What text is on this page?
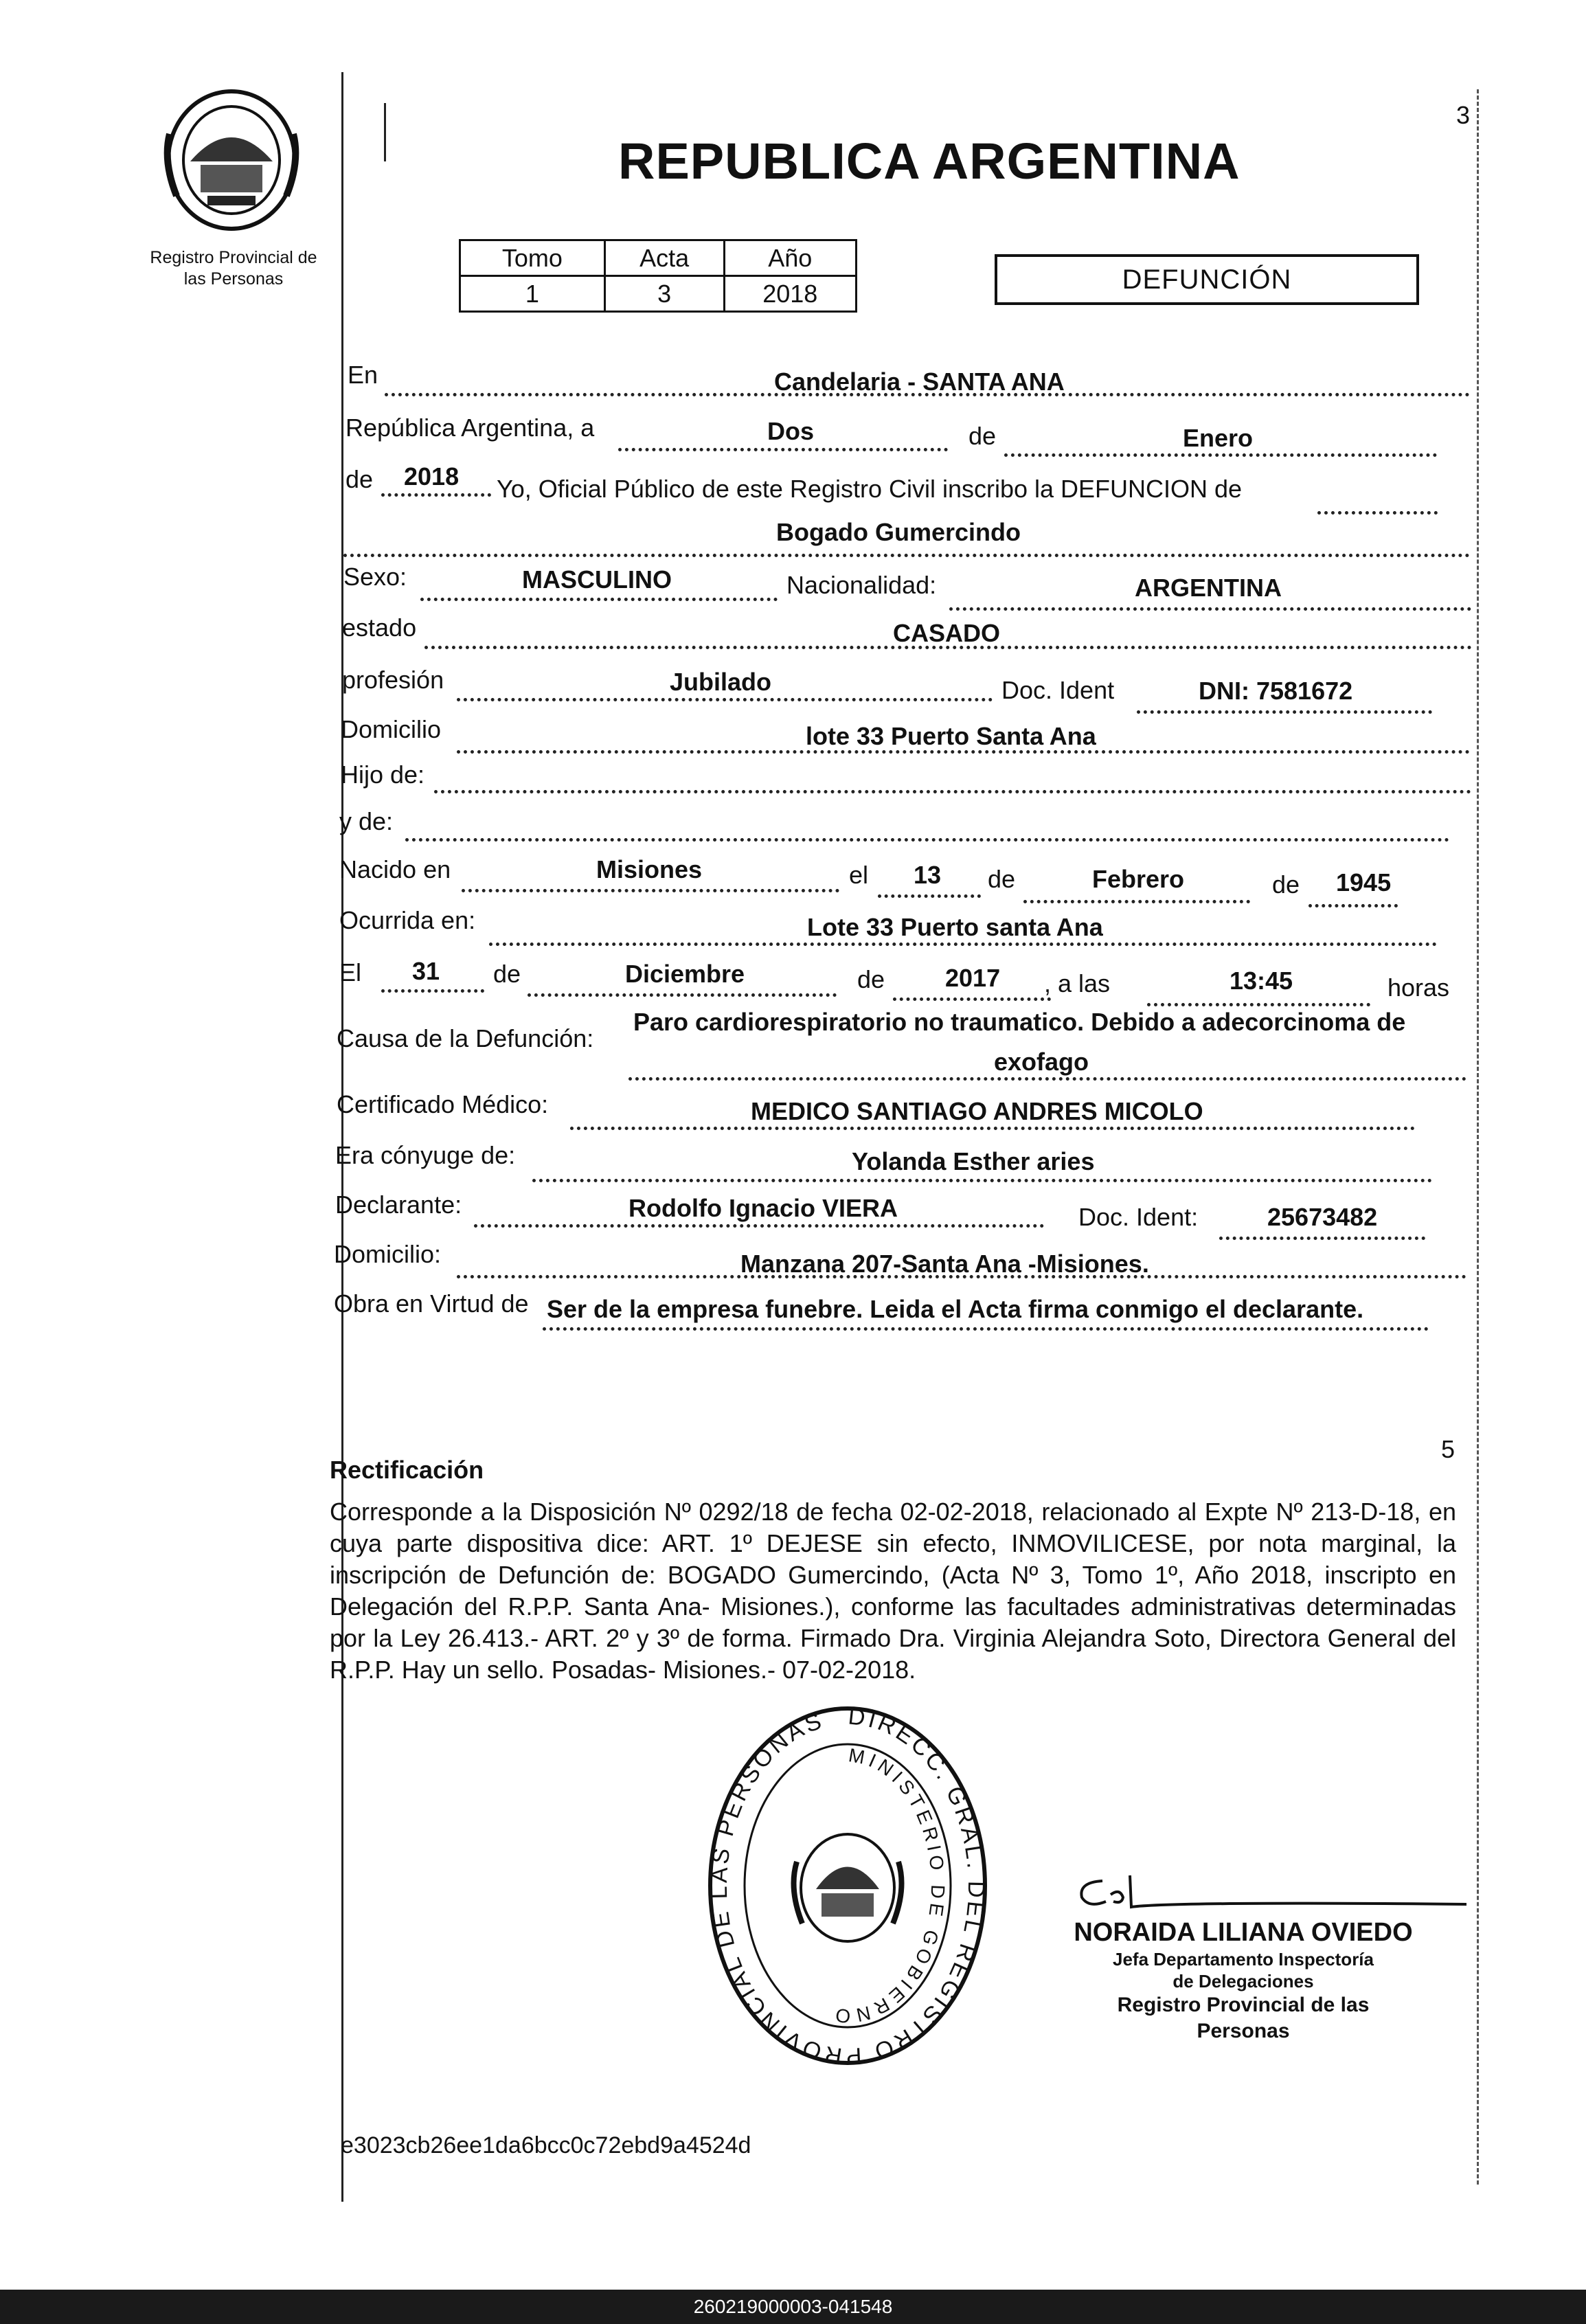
Registro Provincial de
las Personas
REPUBLICA ARGENTINA
3
Tomo	Acta	Año
1	3	2018	DEFUNCIÓN
En	Candelaria - SANTA ANA
República Argentina, a	Dos	de	Enero
de 2018 Yo, Oficial Público de este Registro Civil inscribo la DEFUNCION de
Bogado Gumercindo
Sexo:	MASCULINO	Nacionalidad:	ARGENTINA
estado	CASADO
profesión	Jubilado	Doc. Ident	DNI: 7581672
Domicilio	lote 33 Puerto Santa Ana
Hijo de:
y de:
Nacido en	Misiones	el 13 de	Febrero	de 1945
Ocurrida en:	Lote 33 Puerto santa Ana
El 31 de	Diciembre	de 2017 , a las	13:45	horas
Causa de la Defunción:
Paro cardiorespiratorio no traumatico. Debido a adecorcinoma de
exofago
Certificado Médico:	MEDICO SANTIAGO ANDRES MICOLO
Era cónyuge de:	Yolanda Esther aries
Declarante:	Rodolfo Ignacio VIERA	Doc. Ident:	25673482
Domicilio:	Manzana 207-Santa Ana -Misiones.
Obra en Virtud de Ser de la empresa funebre. Leida el Acta firma conmigo el declarante.
5
Rectificación
Corresponde a la Disposición Nº 0292/18 de fecha 02-02-2018, relacionado al Expte Nº 213-D-18, en cuya parte dispositiva dice: ART. 1º DEJESE sin efecto, INMOVILICESE, por nota marginal, la inscripción de Defunción de: BOGADO Gumercindo, (Acta Nº 3, Tomo 1º, Año 2018, inscripto en Delegación del R.P.P. Santa Ana- Misiones.), conforme las facultades administrativas determinadas por la Ley 26.413.- ART. 2º y 3º de forma. Firmado Dra. Virginia Alejandra Soto, Directora General del R.P.P. Hay un sello. Posadas- Misiones.- 07-02-2018.
DIRECC. GRAL. DEL REGISTRO PROVINCIAL DE LAS PERSONAS
MINISTERIO DE GOBIERNO
NORAIDA LILIANA OVIEDO
Jefa Departamento Inspectoría
de Delegaciones
Registro Provincial de las Personas
e3023cb26ee1da6bcc0c72ebd9a4524d
260219000003-041548
